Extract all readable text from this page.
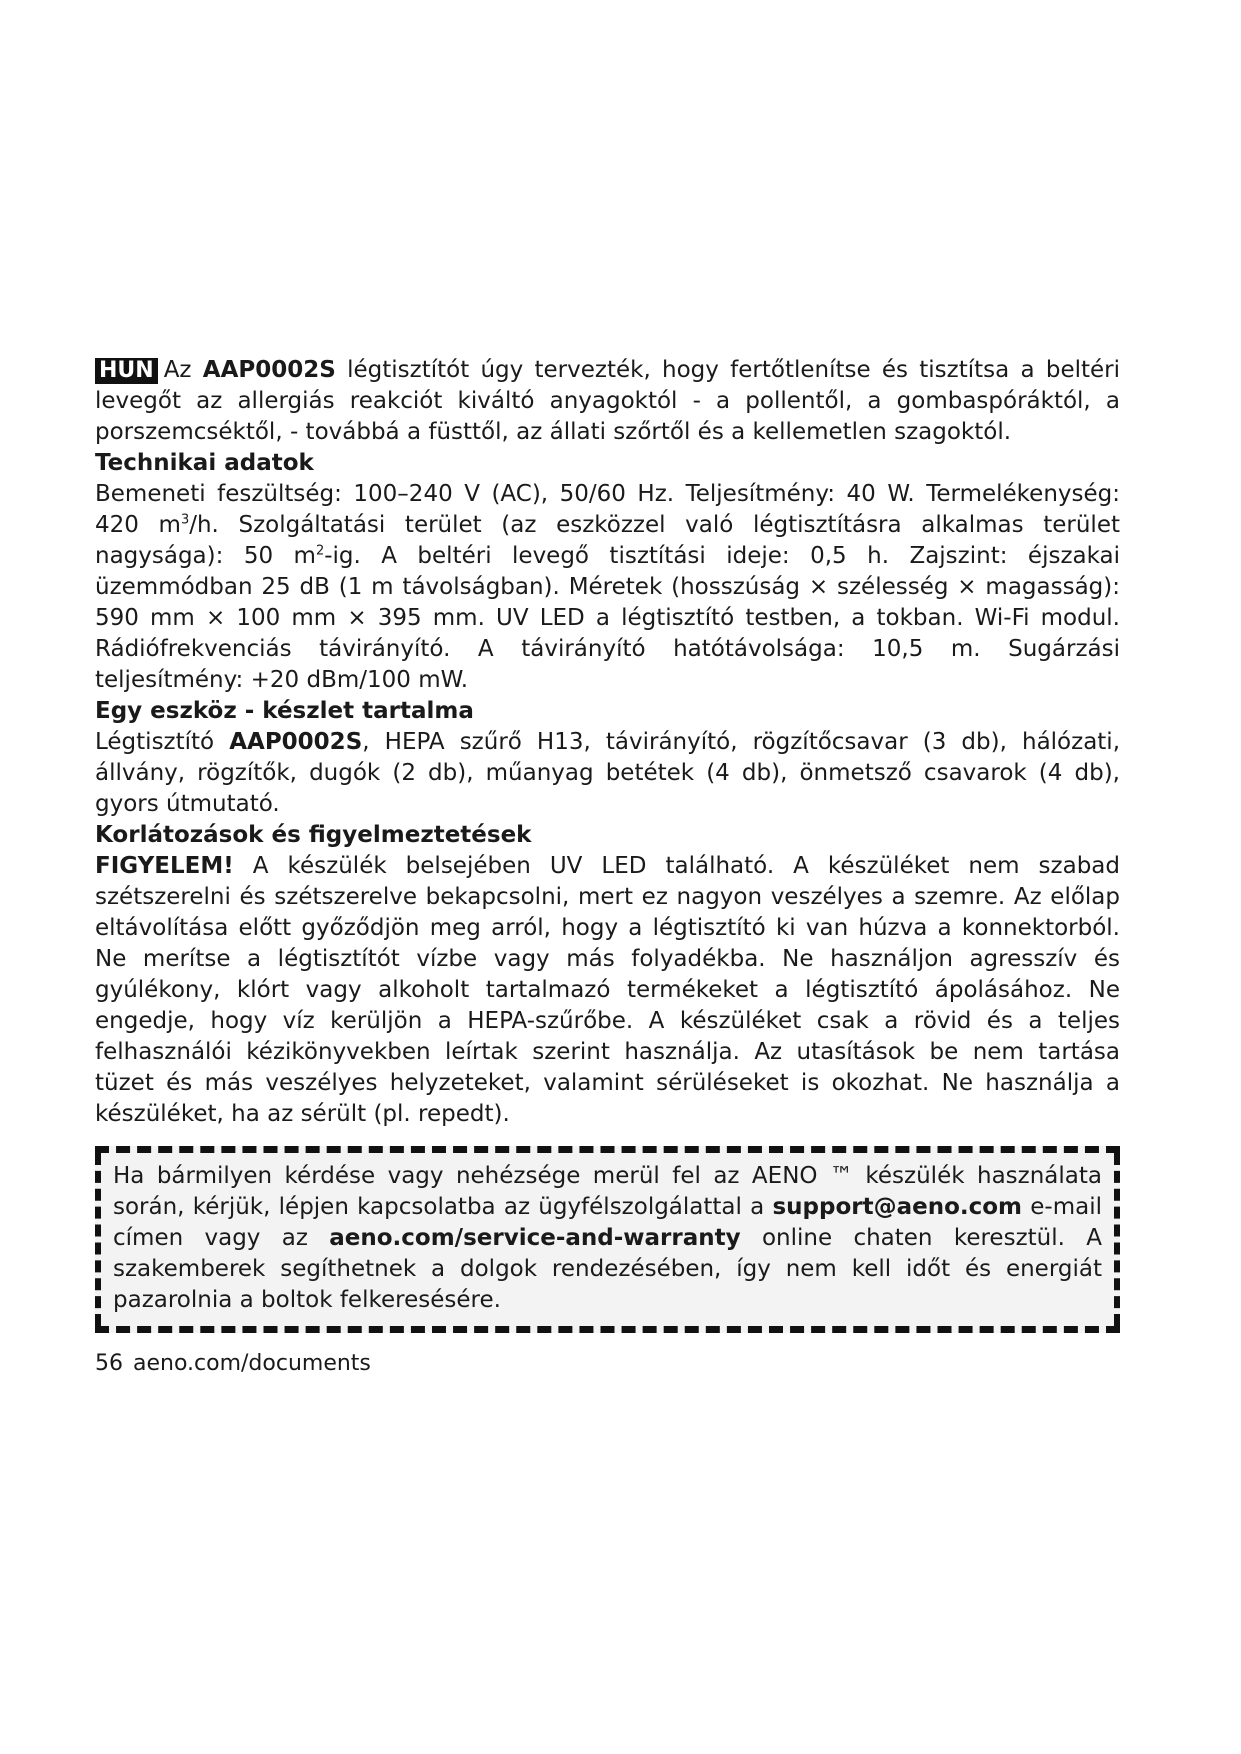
HUN Az AAP0002S légtisztítót úgy tervezték, hogy fertőtlenítse és tisztítsa a beltéri levegőt az allergiás reakciót kiváltó anyagoktól - a pollentől, a gombaspóráktól, a porszemcséktől, - továbbá a füsttől, az állati szőrtől és a kellemetlen szagoktól.

Technikai adatok

Bemeneti feszültség: 100–240 V (AC), 50/60 Hz. Teljesítmény: 40 W. Termelékenység: 420 $m^3/h$. Szolgáltatási terület (az eszközzel való légtisztításra alkalmas terület nagysága): 50 $m^2-ig$. A beltéri levegő tisztítási ideje: 0,5 h. Zajszint: éjszakai üzemmódban 25 dB (1 m távolságban). Méretek (hosszúság × szélesség × magasság): 590 mm × 100 mm × 395 mm. UV LED a légtisztító testben, a tokban. Wi-Fi modul. Rádiófrekvenciás távirányító. A távirányító hatótávolsága: 10,5 m. Sugárzási teljesítmény: +20 dBm/100 mW.

Egy eszköz - készlet tartalma

Légtisztító AAP0002S, HEPA szűrő H13, távirányító, rögzítőcsavar (3 db), hálózati, állvány, rögzítők, dugók (2 db), műanyag betétek (4 db), önmetsző csavarok (4 db), gyors útmutató.

Korlátozások és figyelmeztetések

FIGYELEM! A készülék belsejében UV LED található. A készüléket nem szabad szétszerelni és szétszerelve bekapcsolni, mert ez nagyon veszélyes a szemre. Az előlap eltávolítása előtt győződjön meg arról, hogy a légtisztító ki van húzva a konnektorból. Ne merítse a légtisztítót vízbe vagy más folyadékba. Ne használjon agresszív és gyúlékony, klórt vagy alkoholt tartalmazó termékeket a légtisztító ápolásához. Ne engedje, hogy víz kerüljön a HEPA-szűrőbe. A készüléket csak a rövid és a teljes felhasználói kézikönyvekben leírtak szerint használja. Az utasítások be nem tartása tüzet és más veszélyes helyzeteket, valamint sérüléseket is okozhat. Ne használja a készüléket, ha az sérült (pl. repedt).

Ha bármilyen kérdése vagy nehézsége merül fel az AENO ™ készülék használata során, kérjük, lépjen kapcsolatba az ügyfélszolgálattal a support@aeno.com e-mail címen vagy az aeno.com/service-and-warranty online chaten keresztül. A szakemberek segíthetnek a dolgok rendezésében, így nem kell időt és energiát pazarolnia a boltok felkeresésére.

56 aeno.com/documents
